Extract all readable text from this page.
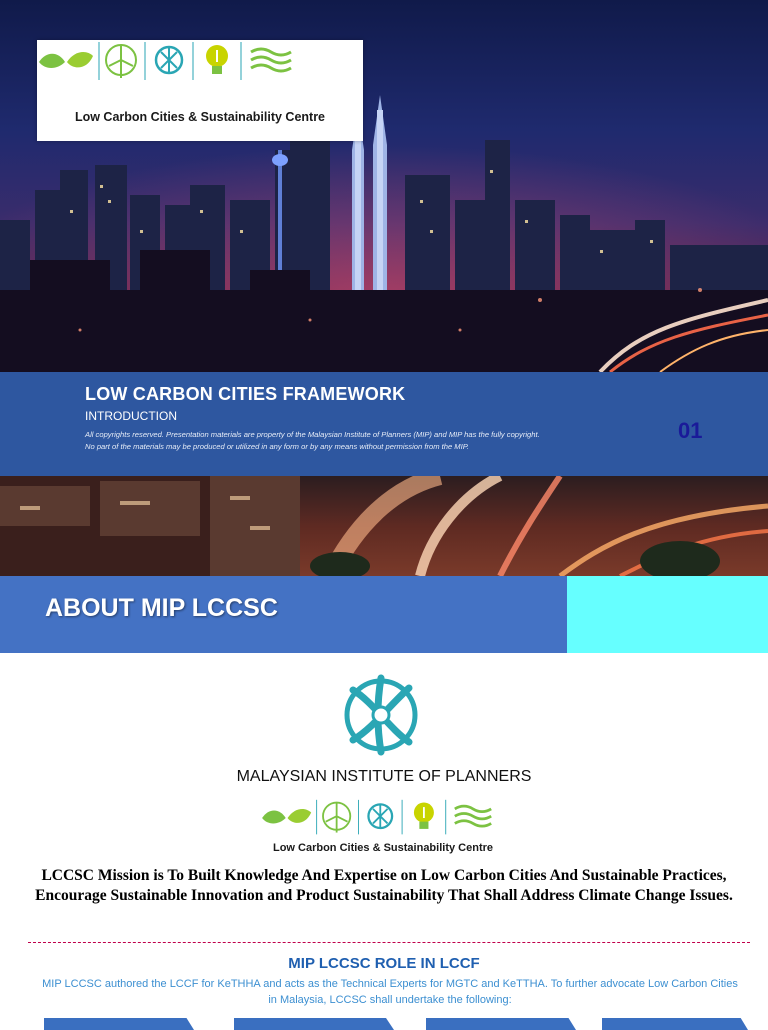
Low Carbon Cities & Sustainability Centre
LOW CARBON CITIES FRAMEWORK
INTRODUCTION
All copyrights reserved. Presentation materials are property of the Malaysian Institute of Planners (MIP) and MIP has the fully copyright.
No part of the materials may be produced or utilized in any form or by any means without permission from the MIP.
01
ABOUT MIP LCCSC
MALAYSIAN INSTITUTE OF PLANNERS
Low Carbon Cities & Sustainability Centre
LCCSC Mission is To Built Knowledge And Expertise on Low Carbon Cities And Sustainable Practices, Encourage Sustainable Innovation and Product Sustainability That Shall Address Climate Change Issues.
MIP LCCSC ROLE IN LCCF
MIP LCCSC authored the LCCF for KeTHHA and acts as the Technical Experts for MGTC and KeTTHA. To further advocate Low Carbon Cities in Malaysia, LCCSC shall undertake the following:
